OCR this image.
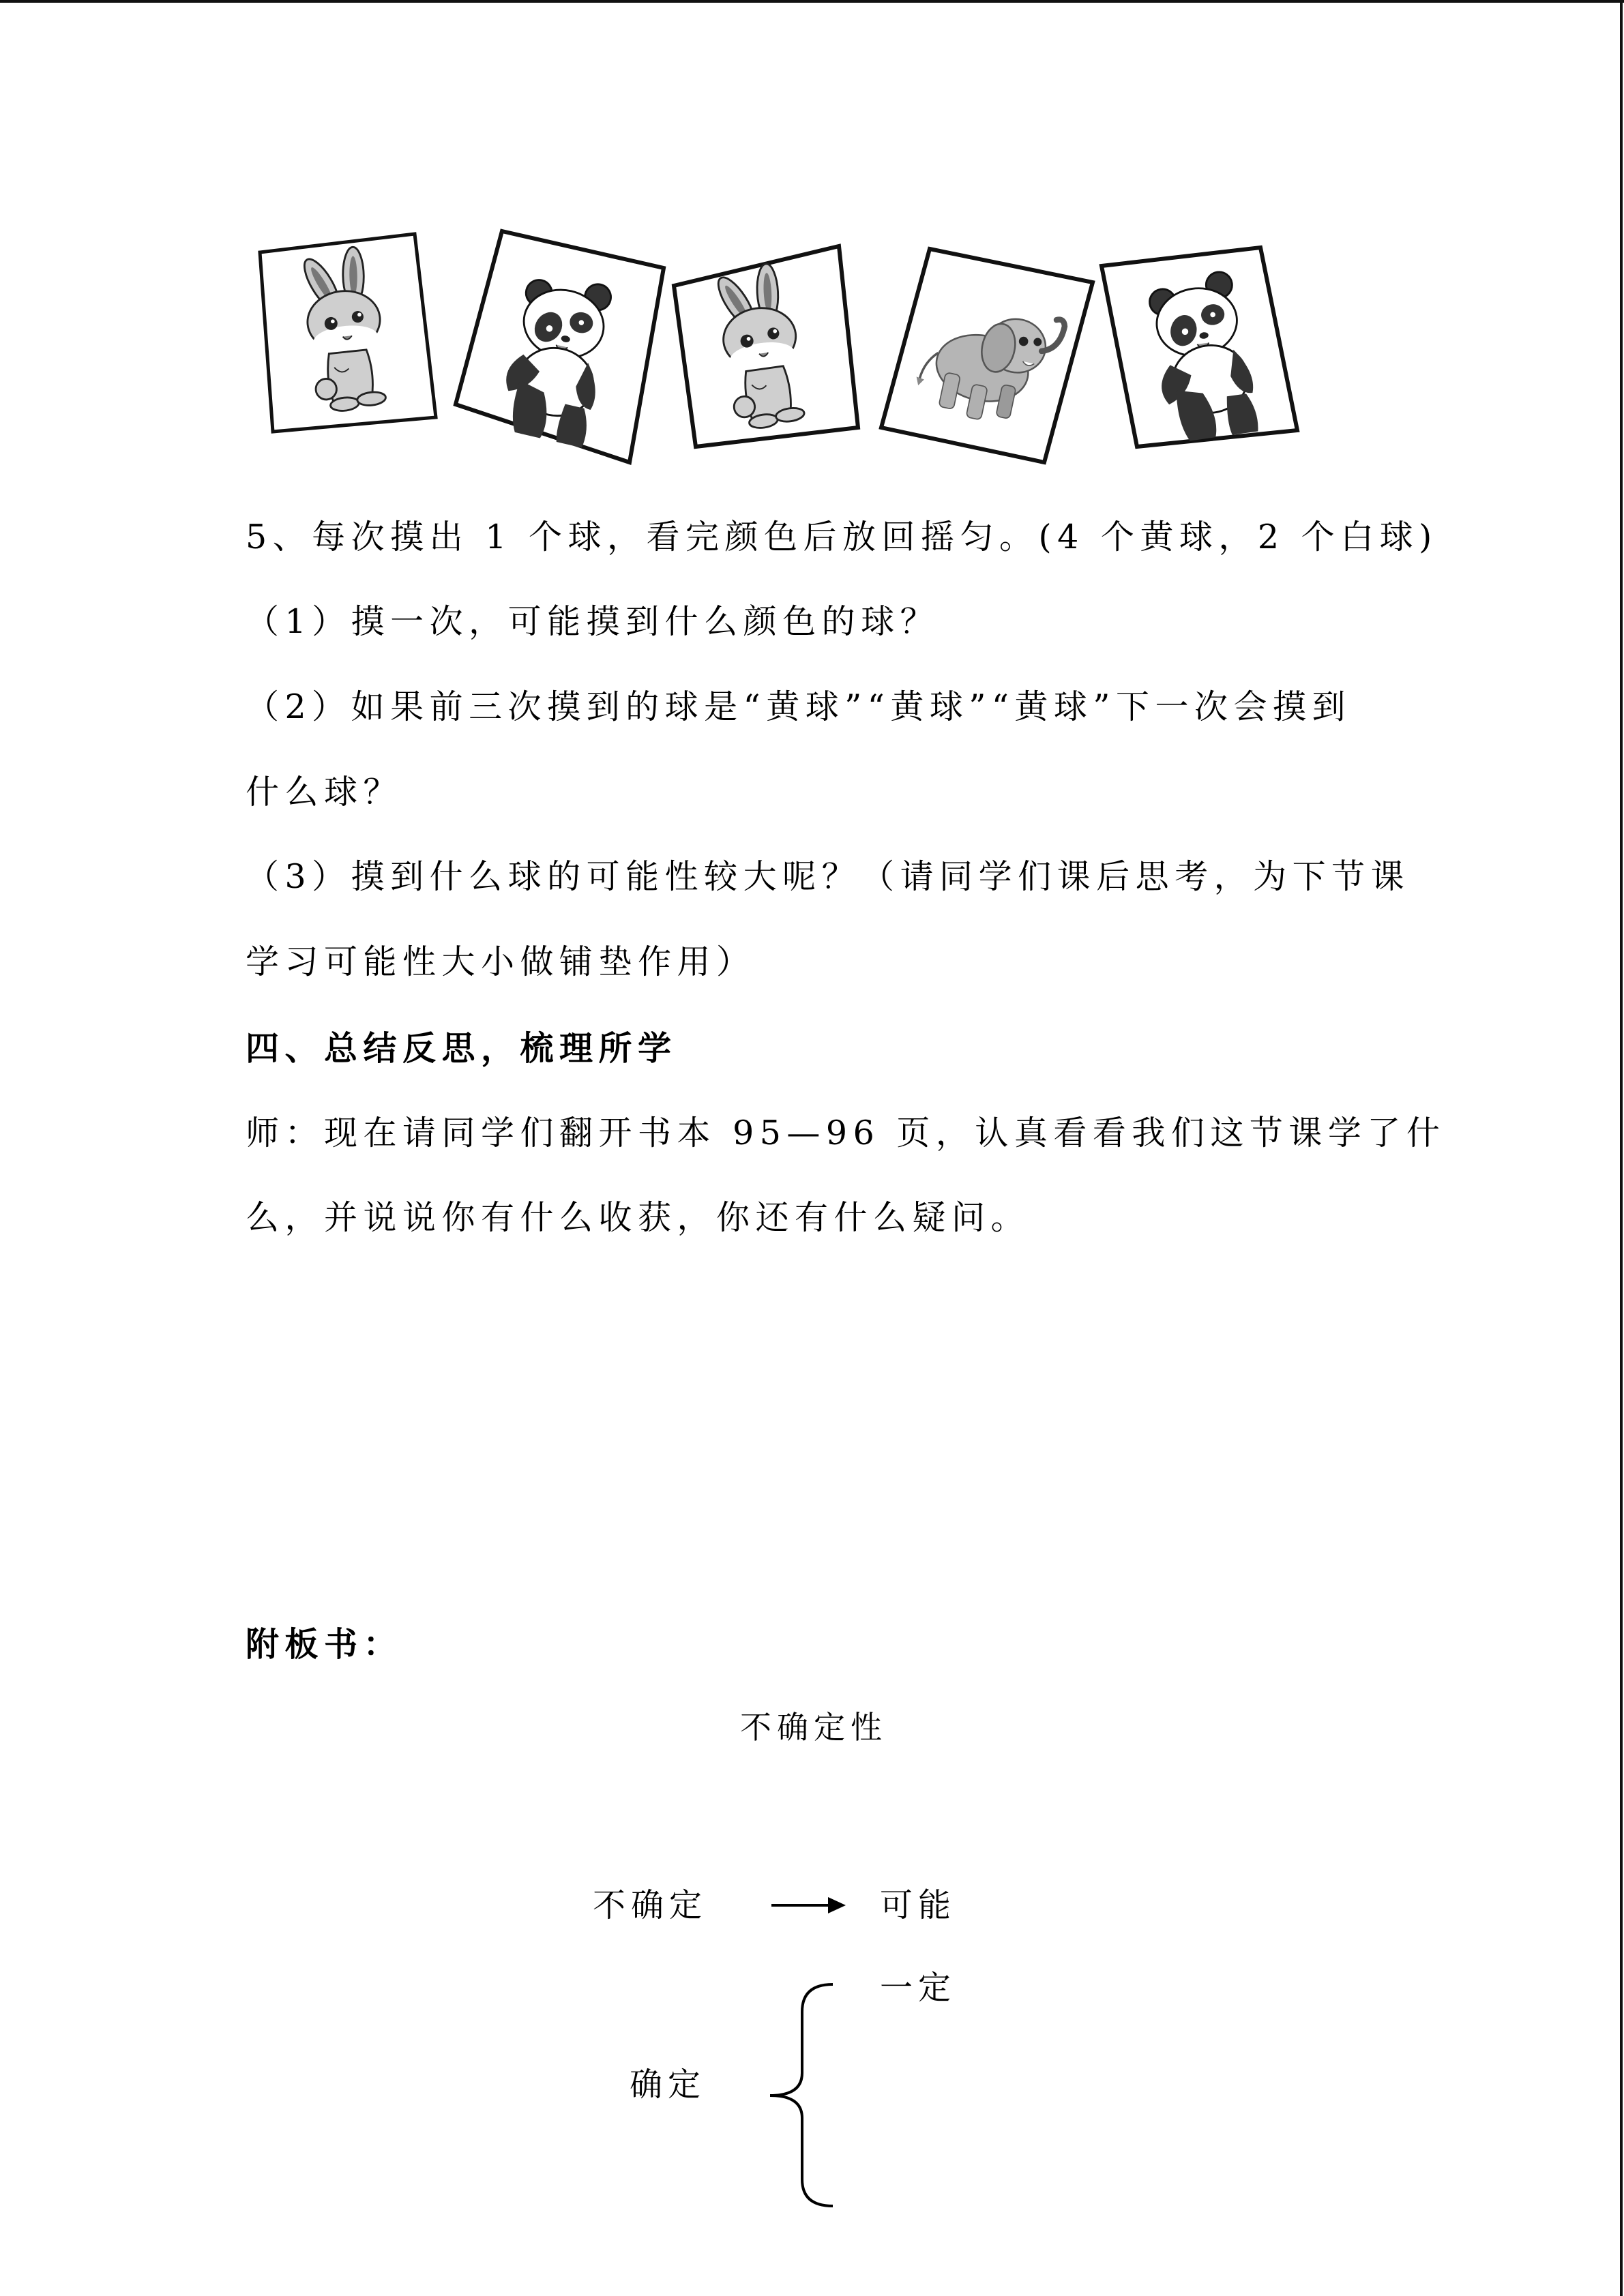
5、每次摸出 1 个球，看完颜色后放回摇匀。(4 个黄球，2 个白球)
（1）摸一次，可能摸到什么颜色的球？
（2）如果前三次摸到的球是“黄球”“黄球”“黄球”下一次会摸到
什么球？
（3）摸到什么球的可能性较大呢？（请同学们课后思考，为下节课
学习可能性大小做铺垫作用）
四、总结反思，梳理所学
师：现在请同学们翻开书本 95—96 页，认真看看我们这节课学了什
么，并说说你有什么收获，你还有什么疑问。
附板书：
不确定性
不确定	可能
一定
确定
